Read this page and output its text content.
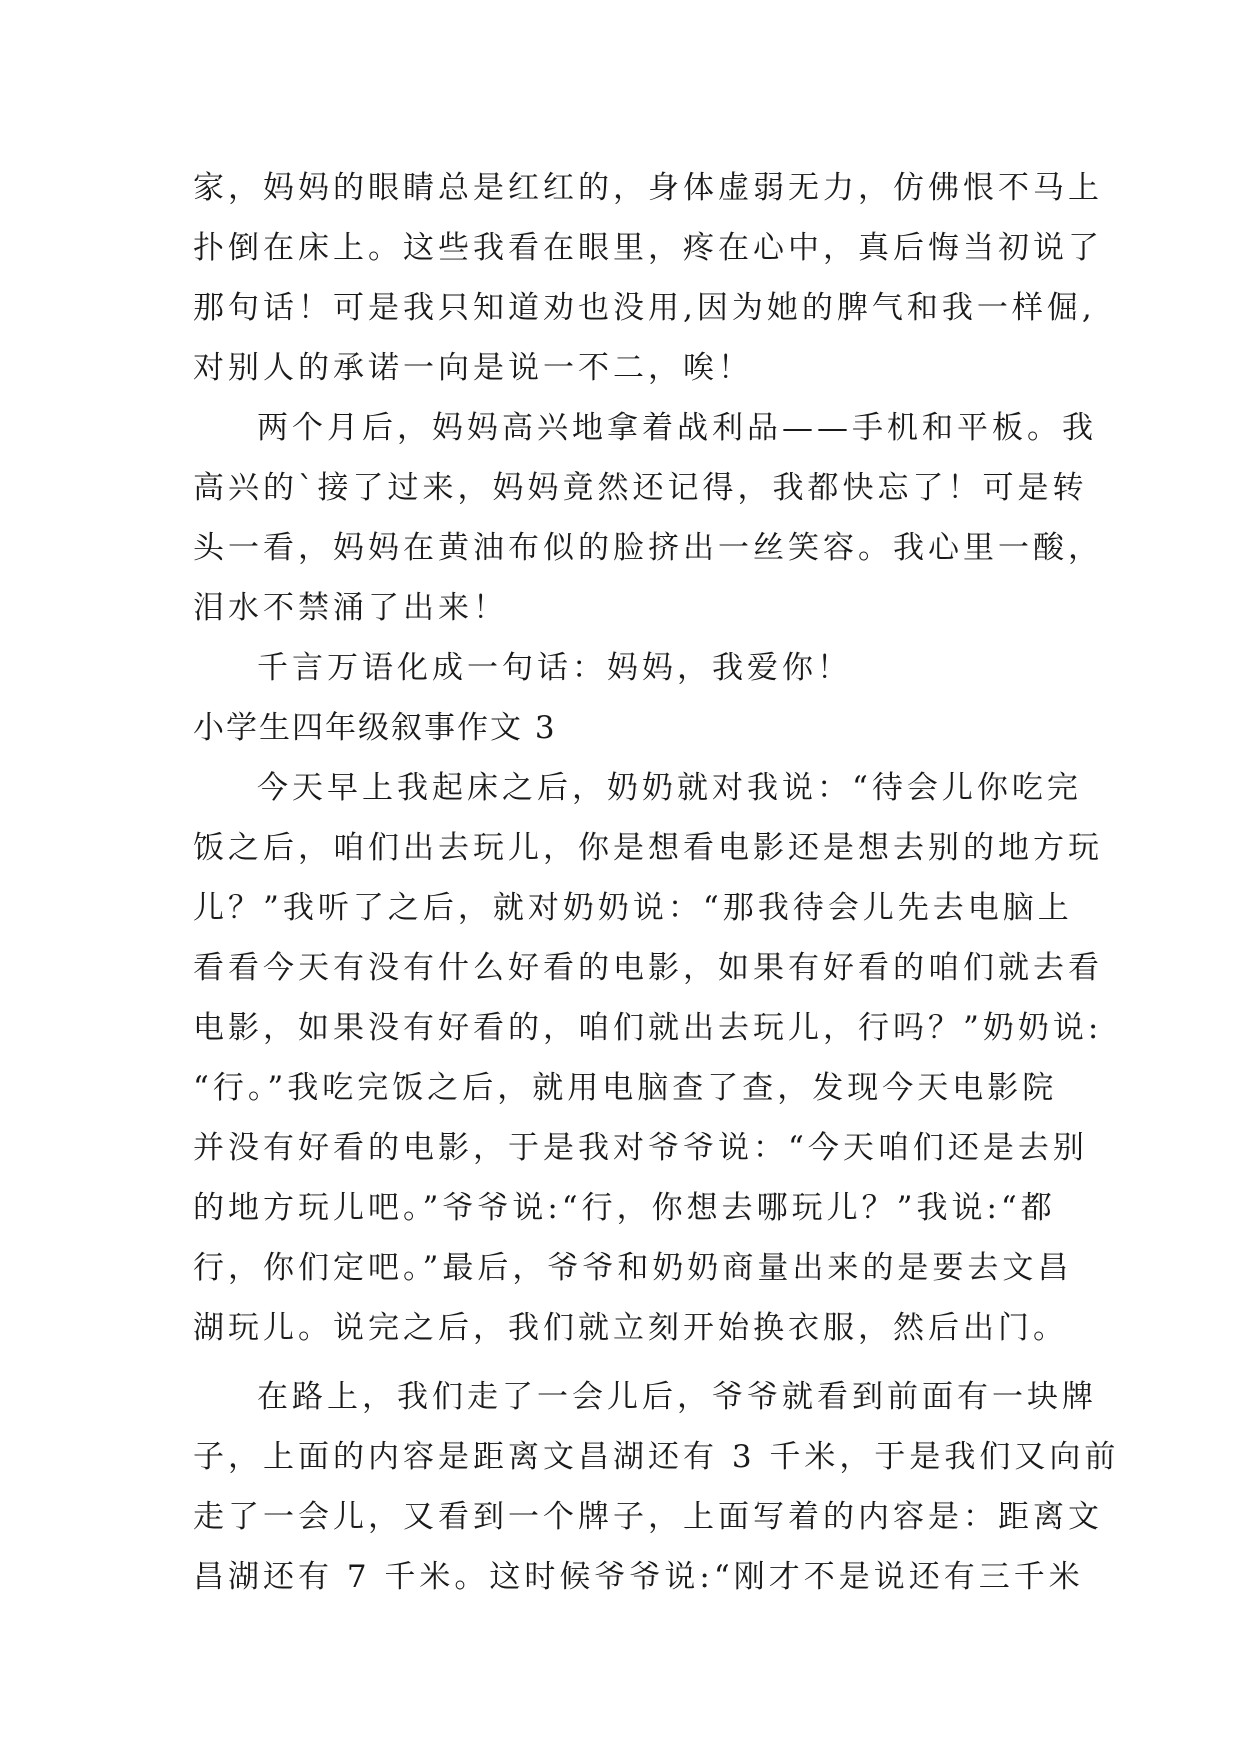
家，妈妈的眼睛总是红红的，身体虚弱无力，仿佛恨不马上
扑倒在床上。这些我看在眼里，疼在心中，真后悔当初说了
那句话！可是我只知道劝也没用,因为她的脾气和我一样倔,
对别人的承诺一向是说一不二，唉！
两个月后，妈妈高兴地拿着战利品——手机和平板。我
高兴的`接了过来，妈妈竟然还记得，我都快忘了！可是转
头一看，妈妈在黄油布似的脸挤出一丝笑容。我心里一酸，
泪水不禁涌了出来！
千言万语化成一句话：妈妈，我爱你！
小学生四年级叙事作文 3
今天早上我起床之后，奶奶就对我说：“待会儿你吃完
饭之后，咱们出去玩儿，你是想看电影还是想去别的地方玩
儿？”我听了之后，就对奶奶说：“那我待会儿先去电脑上
看看今天有没有什么好看的电影，如果有好看的咱们就去看
电影，如果没有好看的，咱们就出去玩儿，行吗？”奶奶说:
“行。”我吃完饭之后，就用电脑查了查，发现今天电影院
并没有好看的电影，于是我对爷爷说：“今天咱们还是去别
的地方玩儿吧。”爷爷说:“行，你想去哪玩儿？”我说:“都
行，你们定吧。”最后，爷爷和奶奶商量出来的是要去文昌
湖玩儿。说完之后，我们就立刻开始换衣服，然后出门。
在路上，我们走了一会儿后，爷爷就看到前面有一块牌
子，上面的内容是距离文昌湖还有 3 千米，于是我们又向前
走了一会儿，又看到一个牌子，上面写着的内容是：距离文
昌湖还有 7 千米。这时候爷爷说:“刚才不是说还有三千米
